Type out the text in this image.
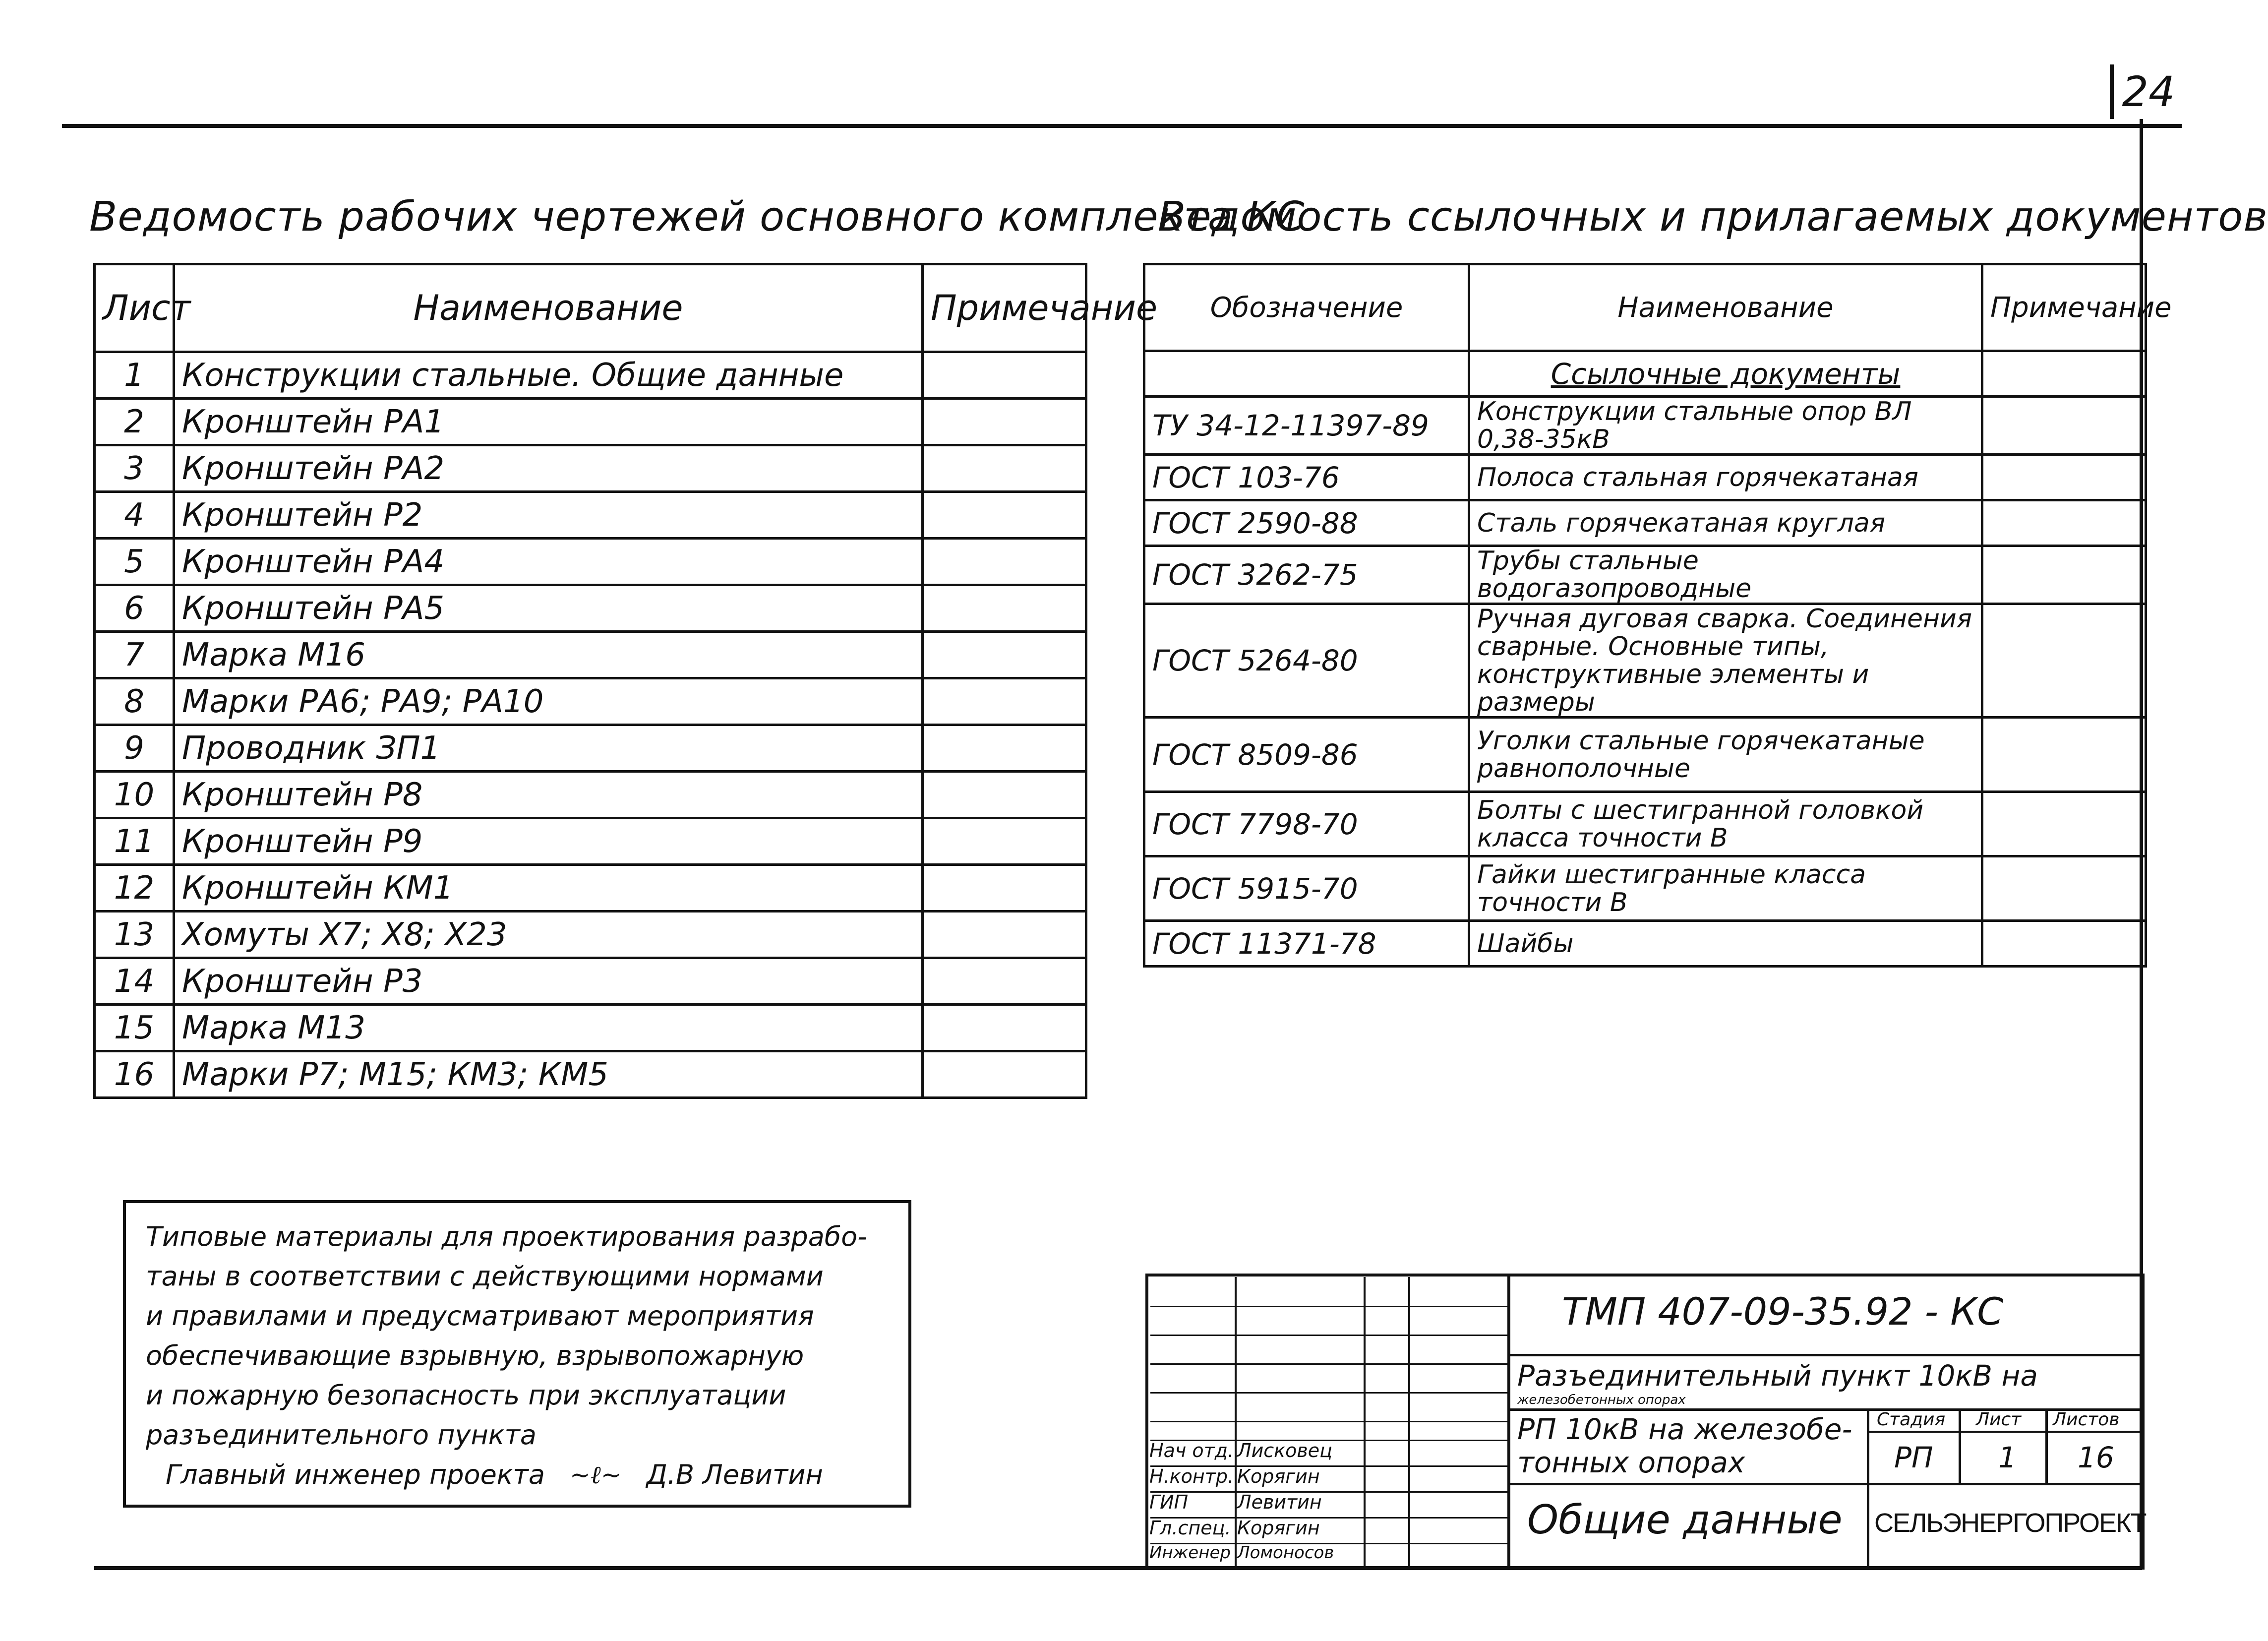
24
Ведомость рабочих чертежей основного комплекта КС
Ведомость ссылочных и прилагаемых документов
Лист	Наименование	Примечание
1	Конструкции стальные. Общие данные	
2	Кронштейн РА1	
3	Кронштейн РА2	
4	Кронштейн Р2	
5	Кронштейн РА4	
6	Кронштейн РА5	
7	Марка М16	
8	Марки РА6; РА9; РА10	
9	Проводник ЗП1	
10	Кронштейн Р8	
11	Кронштейн Р9	
12	Кронштейн КМ1	
13	Хомуты Х7; Х8; Х23	
14	Кронштейн Р3	
15	Марка М13	
16	Марки Р7; М15; КМ3; КМ5	
Обозначение	Наименование	Примечание
	Ссылочные документы	
ТУ 34-12-11397-89	Конструкции стальные опор ВЛ 0,38-35кВ	
ГОСТ 103-76	Полоса стальная горячекатаная	
ГОСТ 2590-88	Сталь горячекатаная круглая	
ГОСТ 3262-75	Трубы стальные водогазопроводные	
ГОСТ 5264-80	Ручная дуговая сварка. Соединения сварные. Основные типы, конструктивные элементы и размеры	
ГОСТ 8509-86	Уголки стальные горячекатаные равнополочные	
ГОСТ 7798-70	Болты с шестигранной головкой класса точности В	
ГОСТ 5915-70	Гайки шестигранные класса точности В	
ГОСТ 11371-78	Шайбы	
Типовые материалы для проектирования разрабо-
таны в соответствии с действующими нормами
и правилами и предусматривают мероприятия
обеспечивающие взрывную, взрывопожарную
и пожарную безопасность при эксплуатации
разъединительного пункта
Главный инженер проекта ~ℓ~ Д.В Левитин
Нач отд. Лисковец
Н.контр. Корягин
ГИП	Левитин
Гл.спец. Корягин
Инженер Ломоносов
ТМП 407-09-35.92 - КС
Разъединительный пункт 10кВ на
железобетонных опорах
РП 10кВ на железобе-
тонных опорах
Общие данные
Стадия Лист Листов
РП 1 16
СЕЛЬЭНЕРГОПРОЕКТ
